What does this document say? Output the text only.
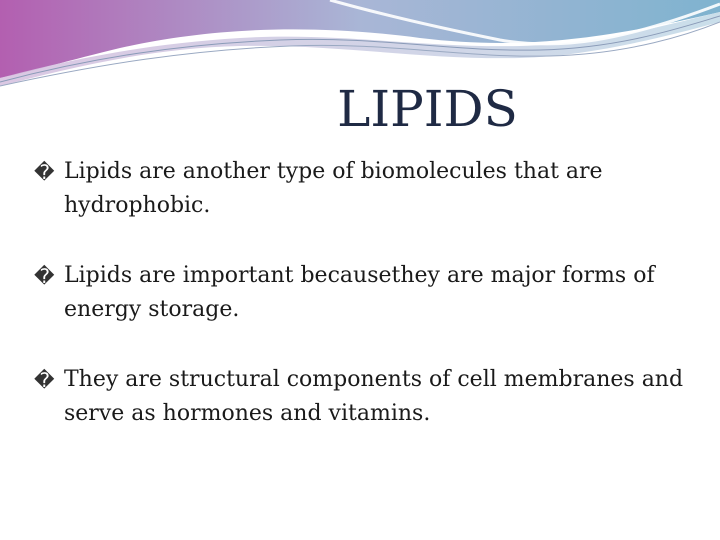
LIPIDS
� Lipids are another type of biomolecules that are hydrophobic.
� Lipids are important becausethey are major forms of energy storage.
� They are structural components of cell membranes and serve as hormones and vitamins.
